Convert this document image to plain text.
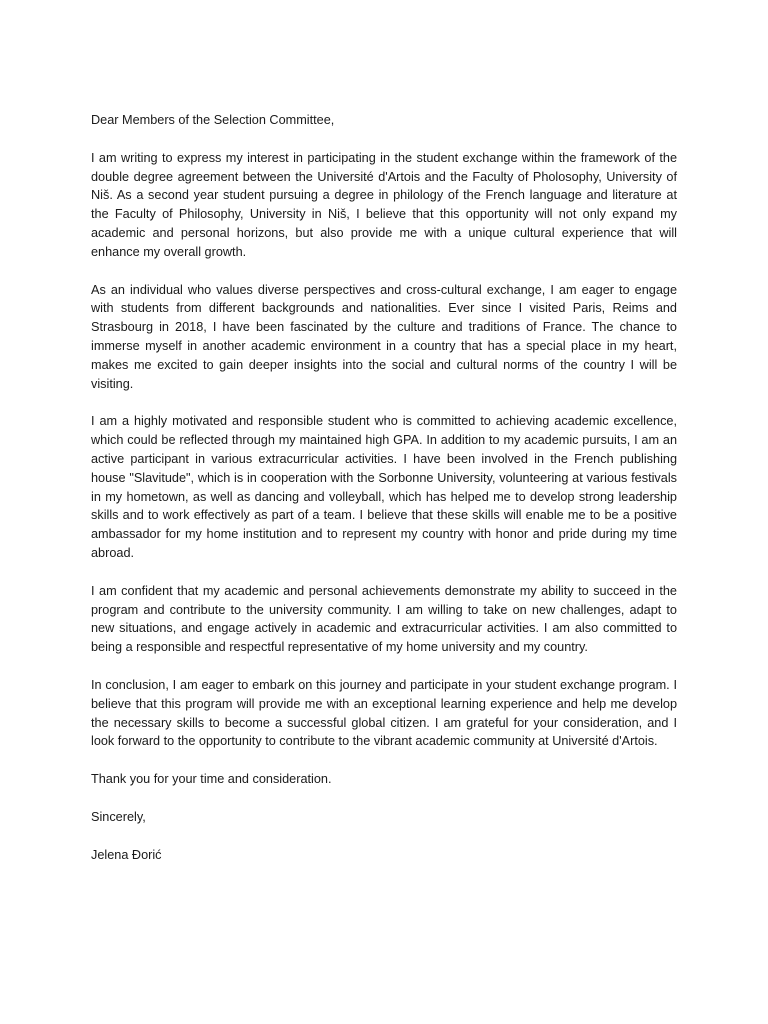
Dear Members of the Selection Committee,

I am writing to express my interest in participating in the student exchange within the framework of the double degree agreement between the Université d'Artois and the Faculty of Pholosophy, University of Niš. As a second year student pursuing a degree in philology of the French language and literature at the Faculty of Philosophy, University in Niš, I believe that this opportunity will not only expand my academic and personal horizons, but also provide me with a unique cultural experience that will enhance my overall growth.

As an individual who values diverse perspectives and cross-cultural exchange, I am eager to engage with students from different backgrounds and nationalities. Ever since I visited Paris, Reims and Strasbourg in 2018, I have been fascinated by the culture and traditions of France. The chance to immerse myself in another academic environment in a country that has a special place in my heart, makes me excited to gain deeper insights into the social and cultural norms of the country I will be visiting.

I am a highly motivated and responsible student who is committed to achieving academic excellence, which could be reflected through my maintained high GPA. In addition to my academic pursuits, I am an active participant in various extracurricular activities. I have been involved in the French publishing house "Slavitude", which is in cooperation with the Sorbonne University, volunteering at various festivals in my hometown, as well as dancing and volleyball, which has helped me to develop strong leadership skills and to work effectively as part of a team. I believe that these skills will enable me to be a positive ambassador for my home institution and to represent my country with honor and pride during my time abroad.

I am confident that my academic and personal achievements demonstrate my ability to succeed in the program and contribute to the university community. I am willing to take on new challenges, adapt to new situations, and engage actively in academic and extracurricular activities. I am also committed to being a responsible and respectful representative of my home university and my country.

In conclusion, I am eager to embark on this journey and participate in your student exchange program. I believe that this program will provide me with an exceptional learning experience and help me develop the necessary skills to become a successful global citizen. I am grateful for your consideration, and I look forward to the opportunity to contribute to the vibrant academic community at Université d'Artois.

Thank you for your time and consideration.

Sincerely,

Jelena Đorić
